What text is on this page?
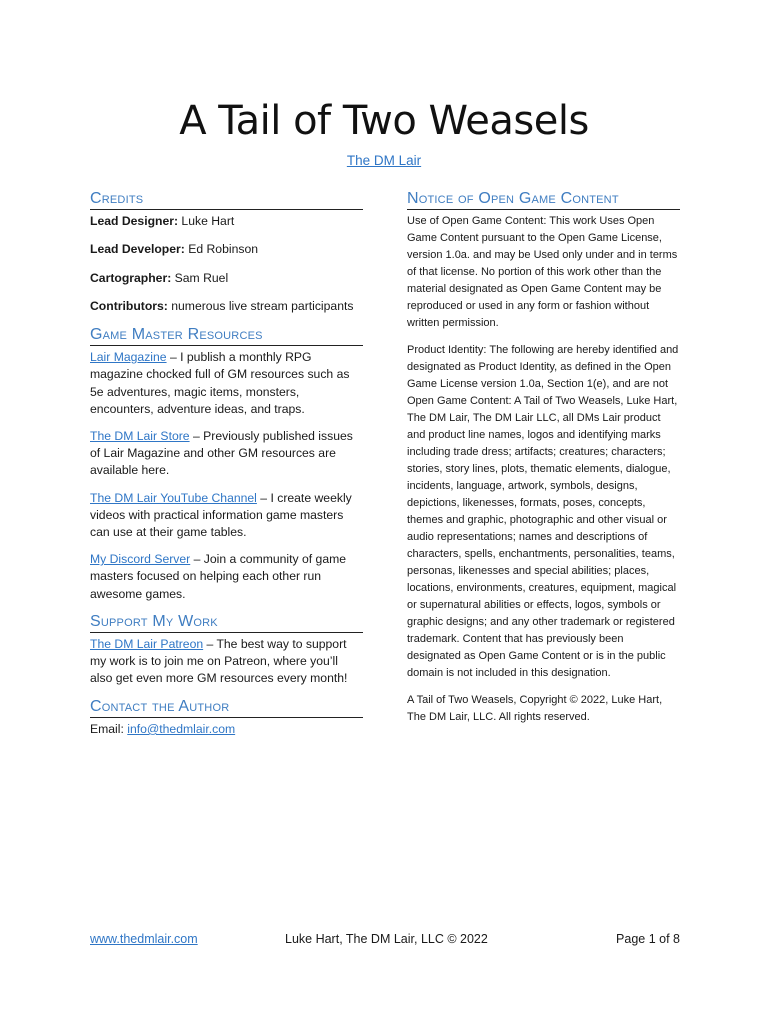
A Tail of Two Weasels
The DM Lair
Credits
Lead Designer: Luke Hart
Lead Developer: Ed Robinson
Cartographer: Sam Ruel
Contributors: numerous live stream participants
Game Master Resources
Lair Magazine – I publish a monthly RPG magazine chocked full of GM resources such as 5e adventures, magic items, monsters, encounters, adventure ideas, and traps.
The DM Lair Store – Previously published issues of Lair Magazine and other GM resources are available here.
The DM Lair YouTube Channel – I create weekly videos with practical information game masters can use at their game tables.
My Discord Server – Join a community of game masters focused on helping each other run awesome games.
Support My Work
The DM Lair Patreon – The best way to support my work is to join me on Patreon, where you’ll also get even more GM resources every month!
Contact the Author
Email: info@thedmlair.com
Notice of Open Game Content
Use of Open Game Content: This work Uses Open Game Content pursuant to the Open Game License, version 1.0a. and may be Used only under and in terms of that license. No portion of this work other than the material designated as Open Game Content may be reproduced or used in any form or fashion without written permission.
Product Identity: The following are hereby identified and designated as Product Identity, as defined in the Open Game License version 1.0a, Section 1(e), and are not Open Game Content: A Tail of Two Weasels, Luke Hart, The DM Lair, The DM Lair LLC, all DMs Lair product and product line names, logos and identifying marks including trade dress; artifacts; creatures; characters; stories, story lines, plots, thematic elements, dialogue, incidents, language, artwork, symbols, designs, depictions, likenesses, formats, poses, concepts, themes and graphic, photographic and other visual or audio representations; names and descriptions of characters, spells, enchantments, personalities, teams, personas, likenesses and special abilities; places, locations, environments, creatures, equipment, magical or supernatural abilities or effects, logos, symbols or graphic designs; and any other trademark or registered trademark. Content that has previously been designated as Open Game Content or is in the public domain is not included in this designation.
A Tail of Two Weasels, Copyright © 2022, Luke Hart, The DM Lair, LLC. All rights reserved.
www.thedmlair.com	Luke Hart, The DM Lair, LLC © 2022	Page 1 of 8
